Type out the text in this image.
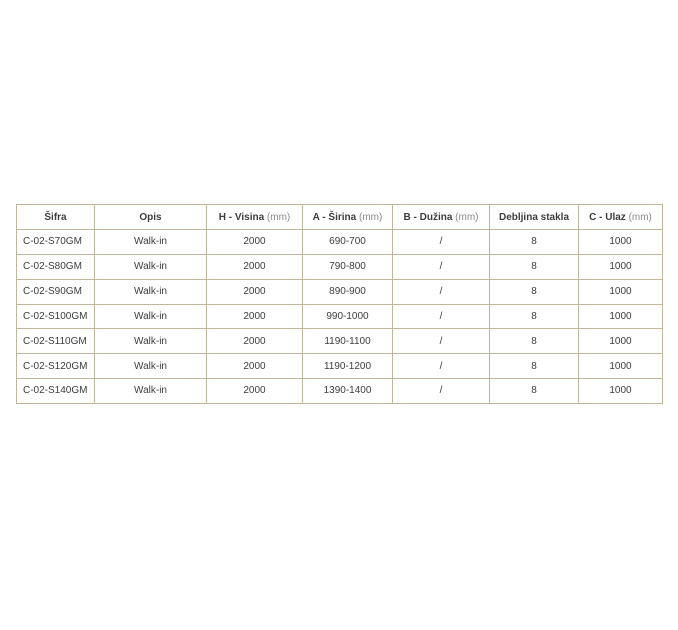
Šifra	Opis	H - Visina (mm)	A - Širina (mm)	B - Dužina (mm)	Debljina stakla	C - Ulaz (mm)
C-02-S70GM	Walk-in	2000	690-700	/	8	1000
C-02-S80GM	Walk-in	2000	790-800	/	8	1000
C-02-S90GM	Walk-in	2000	890-900	/	8	1000
C-02-S100GM	Walk-in	2000	990-1000	/	8	1000
C-02-S110GM	Walk-in	2000	1190-1100	/	8	1000
C-02-S120GM	Walk-in	2000	1190-1200	/	8	1000
C-02-S140GM	Walk-in	2000	1390-1400	/	8	1000
